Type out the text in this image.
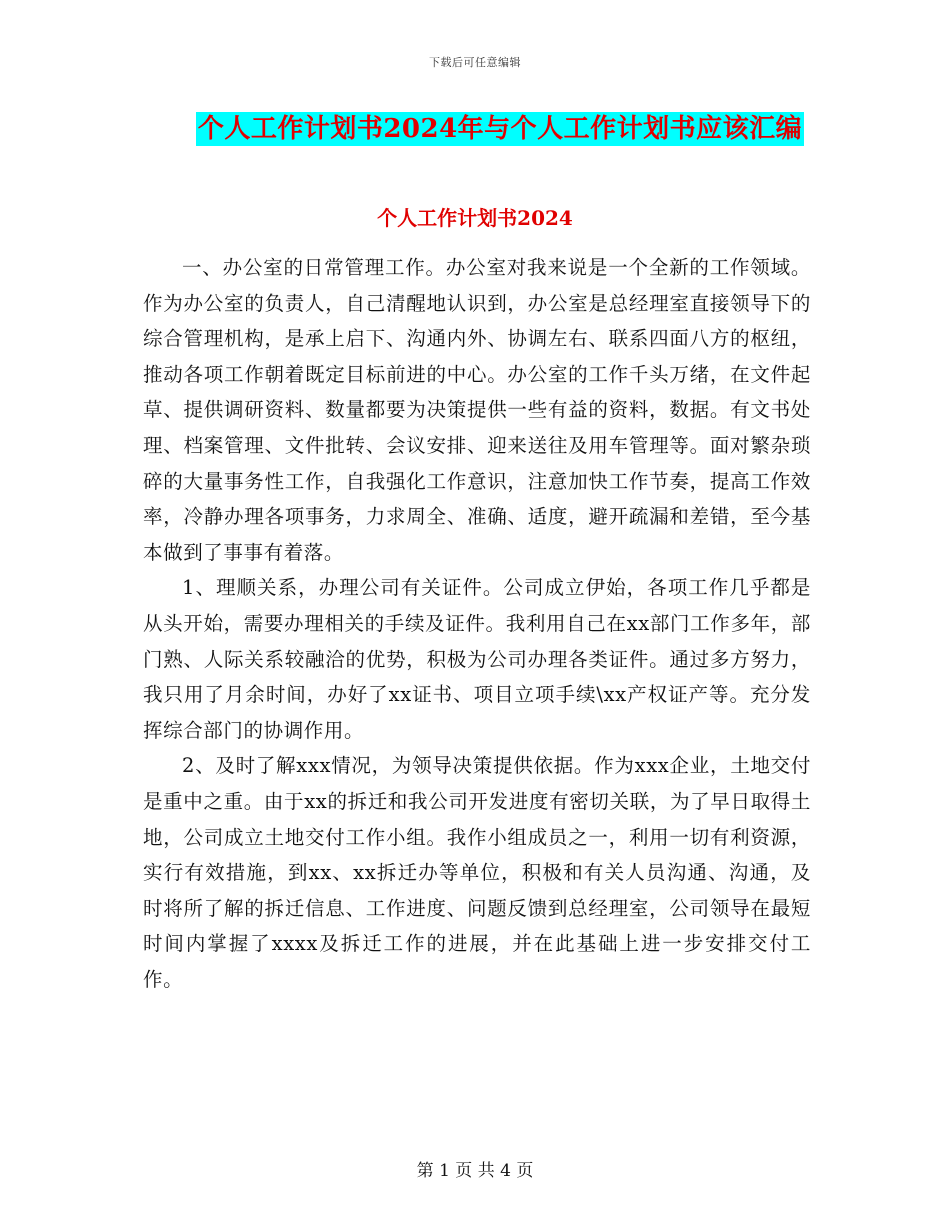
下载后可任意编辑
个人工作计划书2024年与个人工作计划书应该汇编
个人工作计划书2024

一、办公室的日常管理工作。办公室对我来说是一个全新的工作领域。作为办公室的负责人，自己清醒地认识到，办公室是总经理室直接领导下的综合管理机构，是承上启下、沟通内外、协调左右、联系四面八方的枢纽，推动各项工作朝着既定目标前进的中心。办公室的工作千头万绪，在文件起草、提供调研资料、数量都要为决策提供一些有益的资料，数据。有文书处理、档案管理、文件批转、会议安排、迎来送往及用车管理等。面对繁杂琐碎的大量事务性工作，自我强化工作意识，注意加快工作节奏，提高工作效率，冷静办理各项事务，力求周全、准确、适度，避开疏漏和差错，至今基本做到了事事有着落。

1、理顺关系，办理公司有关证件。公司成立伊始，各项工作几乎都是从头开始，需要办理相关的手续及证件。我利用自己在xx部门工作多年，部门熟、人际关系较融洽的优势，积极为公司办理各类证件。通过多方努力，我只用了月余时间，办好了xx证书、项目立项手续\xx产权证产等。充分发挥综合部门的协调作用。

2、及时了解xxx情况，为领导决策提供依据。作为xxx企业，土地交付是重中之重。由于xx的拆迁和我公司开发进度有密切关联，为了早日取得土地，公司成立土地交付工作小组。我作小组成员之一，利用一切有利资源，实行有效措施，到xx、xx拆迁办等单位，积极和有关人员沟通、沟通，及时将所了解的拆迁信息、工作进度、问题反馈到总经理室，公司领导在最短时间内掌握了xxxx及拆迁工作的进展，并在此基础上进一步安排交付工作。

第 1 页 共 4 页
